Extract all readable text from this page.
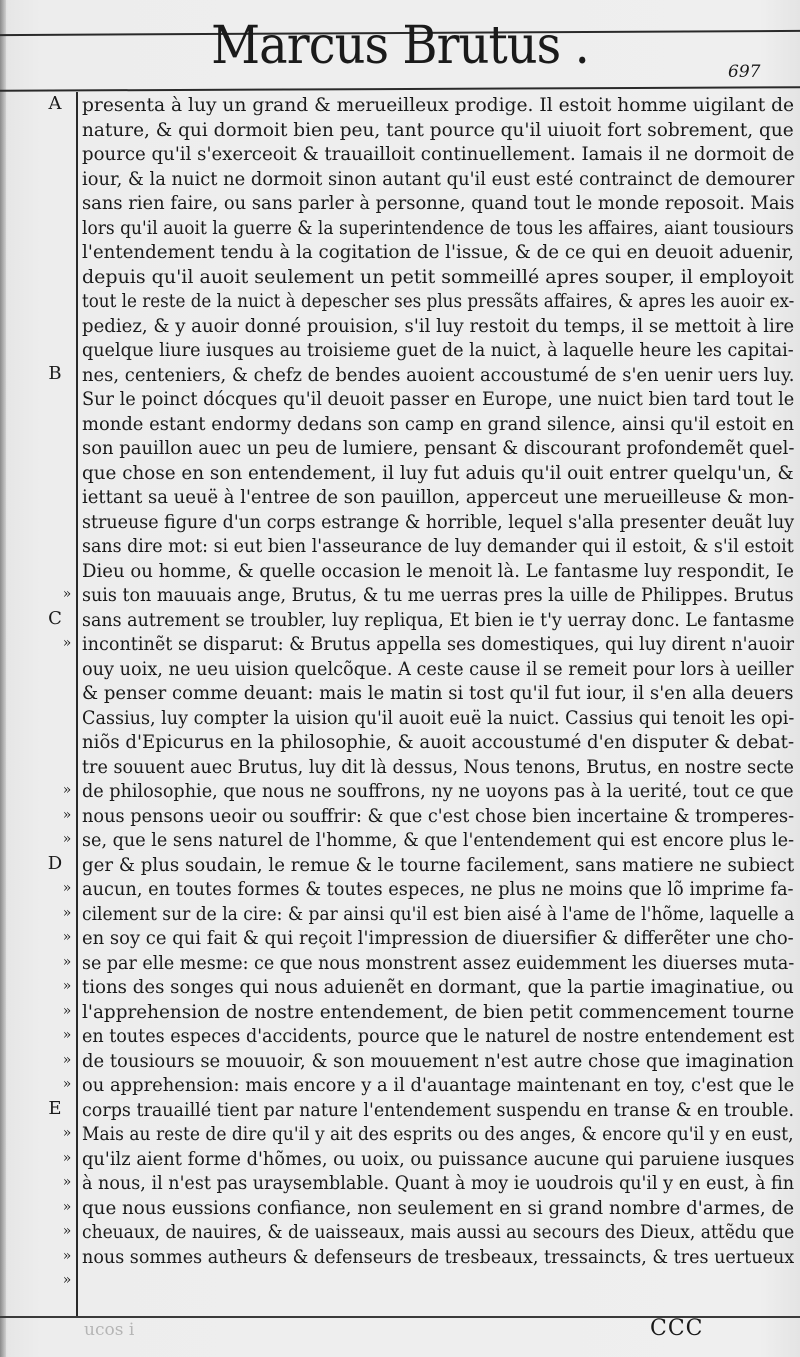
Marcus Brutus .	697
A
B
C
D
E
»
»
»
»
»
»
»
»
»
»
»
»
»
»
»
»
»
»
»
»
»
presenta à luy un grand & merueilleux prodige. Il estoit homme uigilant de
nature, & qui dormoit bien peu, tant pource qu'il uiuoit fort sobrement, que
pource qu'il s'exerceoit & trauailloit continuellement. Iamais il ne dormoit de
iour, & la nuict ne dormoit sinon autant qu'il eust esté contrainct de demourer
sans rien faire, ou sans parler à personne, quand tout le monde reposoit. Mais
lors qu'il auoit la guerre & la superintendence de tous les affaires, aiant tousiours
l'entendement tendu à la cogitation de l'issue, & de ce qui en deuoit aduenir,
depuis qu'il auoit seulement un petit sommeillé apres souper, il employoit
tout le reste de la nuict à depescher ses plus pressãts affaires, & apres les auoir ex-
pediez, & y auoir donné prouision, s'il luy restoit du temps, il se mettoit à lire
quelque liure iusques au troisieme guet de la nuict, à laquelle heure les capitai-
nes, centeniers, & chefz de bendes auoient accoustumé de s'en uenir uers luy.
Sur le poinct dócques qu'il deuoit passer en Europe, une nuict bien tard tout le
monde estant endormy dedans son camp en grand silence, ainsi qu'il estoit en
son pauillon auec un peu de lumiere, pensant & discourant profondemẽt quel-
que chose en son entendement, il luy fut aduis qu'il ouit entrer quelqu'un, &
iettant sa ueuë à l'entree de son pauillon, apperceut une merueilleuse & mon-
strueuse figure d'un corps estrange & horrible, lequel s'alla presenter deuãt luy
sans dire mot: si eut bien l'asseurance de luy demander qui il estoit, & s'il estoit
Dieu ou homme, & quelle occasion le menoit là. Le fantasme luy respondit, Ie
suis ton mauuais ange, Brutus, & tu me uerras pres la uille de Philippes. Brutus
sans autrement se troubler, luy repliqua, Et bien ie t'y uerray donc. Le fantasme
incontinẽt se disparut: & Brutus appella ses domestiques, qui luy dirent n'auoir
ouy uoix, ne ueu uision quelcõque. A ceste cause il se remeit pour lors à ueiller
& penser comme deuant: mais le matin si tost qu'il fut iour, il s'en alla deuers
Cassius, luy compter la uision qu'il auoit euë la nuict. Cassius qui tenoit les opi-
niõs d'Epicurus en la philosophie, & auoit accoustumé d'en disputer & debat-
tre souuent auec Brutus, luy dit là dessus, Nous tenons, Brutus, en nostre secte
de philosophie, que nous ne souffrons, ny ne uoyons pas à la uerité, tout ce que
nous pensons ueoir ou souffrir: & que c'est chose bien incertaine & tromperes-
se, que le sens naturel de l'homme, & que l'entendement qui est encore plus le-
ger & plus soudain, le remue & le tourne facilement, sans matiere ne subiect
aucun, en toutes formes & toutes especes, ne plus ne moins que lõ imprime fa-
cilement sur de la cire: & par ainsi qu'il est bien aisé à l'ame de l'hõme, laquelle a
en soy ce qui fait & qui reçoit l'impression de diuersifier & differẽter une cho-
se par elle mesme: ce que nous monstrent assez euidemment les diuerses muta-
tions des songes qui nous aduienẽt en dormant, que la partie imaginatiue, ou
l'apprehension de nostre entendement, de bien petit commencement tourne
en toutes especes d'accidents, pource que le naturel de nostre entendement est
de tousiours se mouuoir, & son mouuement n'est autre chose que imagination
ou apprehension: mais encore y a il d'auantage maintenant en toy, c'est que le
corps trauaillé tient par nature l'entendement suspendu en transe & en trouble.
Mais au reste de dire qu'il y ait des esprits ou des anges, & encore qu'il y en eust,
qu'ilz aient forme d'hõmes, ou uoix, ou puissance aucune qui paruiene iusques
à nous, il n'est pas uraysemblable. Quant à moy ie uoudrois qu'il y en eust, à fin
que nous eussions confiance, non seulement en si grand nombre d'armes, de
cheuaux, de nauires, & de uaisseaux, mais aussi au secours des Dieux, attẽdu que
nous sommes autheurs & defenseurs de tresbeaux, tressaincts, & tres uertueux
CCC
ucos i
